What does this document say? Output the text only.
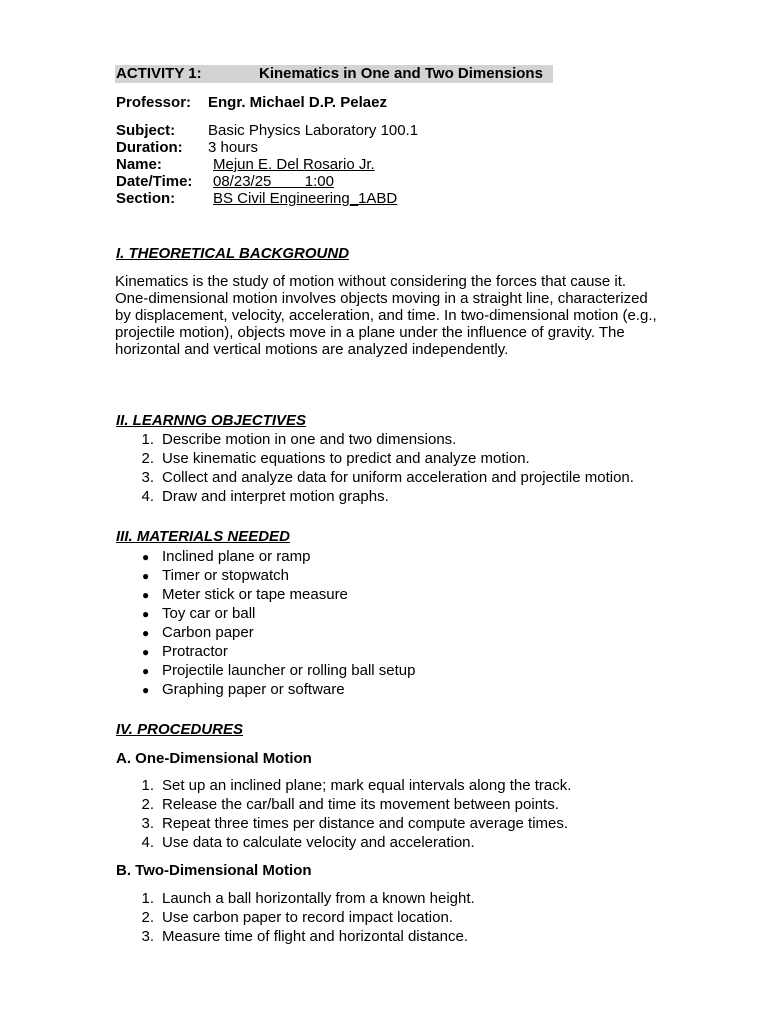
ACTIVITY 1:	Kinematics in One and Two Dimensions
Professor: Engr. Michael D.P. Pelaez
Subject: Basic Physics Laboratory 100.1
Duration: 3 hours
Name:	Mejun E. Del Rosario Jr.
Date/Time: 08/23/25        1:00
Section:	BS Civil Engineering_1ABD
I. THEORETICAL BACKGROUND
Kinematics is the study of motion without considering the forces that cause it. One-dimensional motion involves objects moving in a straight line, characterized by displacement, velocity, acceleration, and time. In two-dimensional motion (e.g., projectile motion), objects move in a plane under the influence of gravity. The horizontal and vertical motions are analyzed independently.
II. LEARNNG OBJECTIVES
1. Describe motion in one and two dimensions.
2. Use kinematic equations to predict and analyze motion.
3. Collect and analyze data for uniform acceleration and projectile motion.
4. Draw and interpret motion graphs.
III. MATERIALS NEEDED
● Inclined plane or ramp
● Timer or stopwatch
● Meter stick or tape measure
● Toy car or ball
● Carbon paper
● Protractor
● Projectile launcher or rolling ball setup
● Graphing paper or software
IV. PROCEDURES
A. One-Dimensional Motion
1. Set up an inclined plane; mark equal intervals along the track.
2. Release the car/ball and time its movement between points.
3. Repeat three times per distance and compute average times.
4. Use data to calculate velocity and acceleration.
B. Two-Dimensional Motion
1. Launch a ball horizontally from a known height.
2. Use carbon paper to record impact location.
3. Measure time of flight and horizontal distance.
